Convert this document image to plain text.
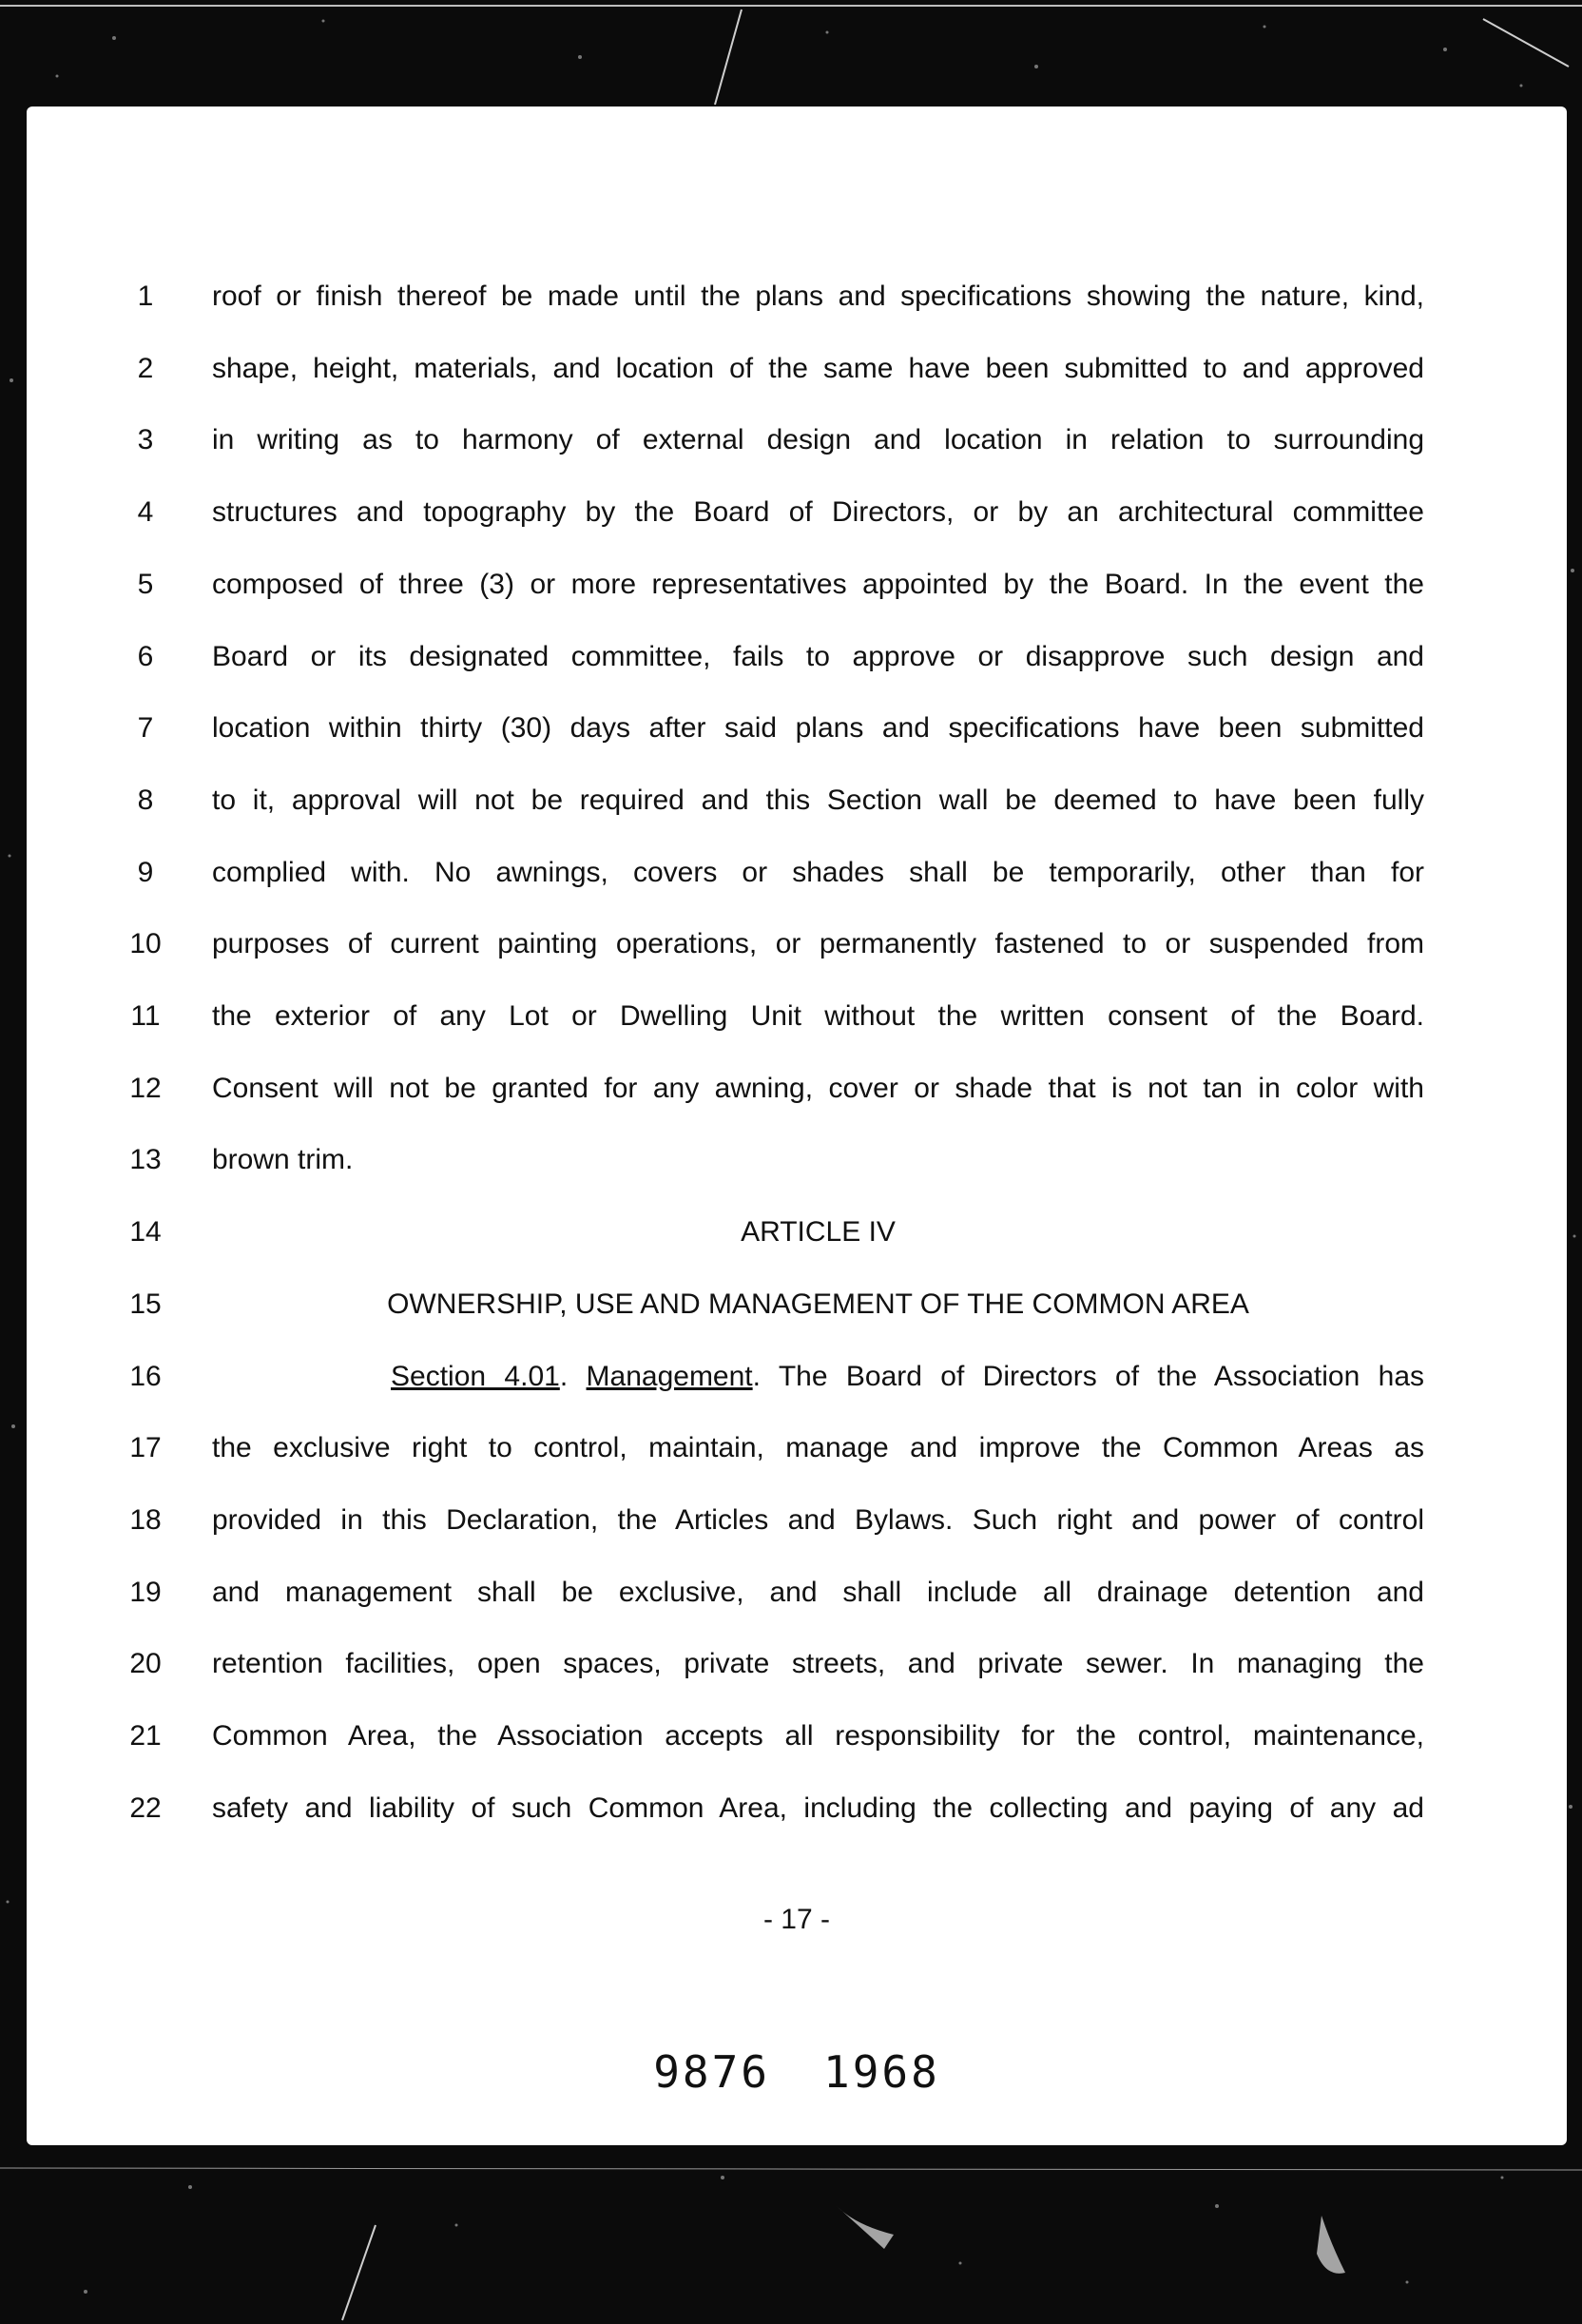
1	roof or finish thereof be made until the plans and specifications showing the nature, kind,
2	shape, height, materials, and location of the same have been submitted to and approved
3	in writing as to harmony of external design and location in relation to surrounding
4	structures and topography by the Board of Directors, or by an architectural committee
5	composed of three (3) or more representatives appointed by the Board. In the event the
6	Board or its designated committee, fails to approve or disapprove such design and
7	location within thirty (30) days after said plans and specifications have been submitted
8	to it, approval will not be required and this Section wall be deemed to have been fully
9	complied with. No awnings, covers or shades shall be temporarily, other than for
10	purposes of current painting operations, or permanently fastened to or suspended from
11	the exterior of any Lot or Dwelling Unit without the written consent of the Board.
12	Consent will not be granted for any awning, cover or shade that is not tan in color with
13	brown trim.
14	ARTICLE IV
15	OWNERSHIP, USE AND MANAGEMENT OF THE COMMON AREA
16	Section 4.01. Management. The Board of Directors of the Association has
17	the exclusive right to control, maintain, manage and improve the Common Areas as
18	provided in this Declaration, the Articles and Bylaws. Such right and power of control
19	and management shall be exclusive, and shall include all drainage detention and
20	retention facilities, open spaces, private streets, and private sewer. In managing the
21	Common Area, the Association accepts all responsibility for the control, maintenance,
22	safety and liability of such Common Area, including the collecting and paying of any ad
- 17 -
9876 1968
